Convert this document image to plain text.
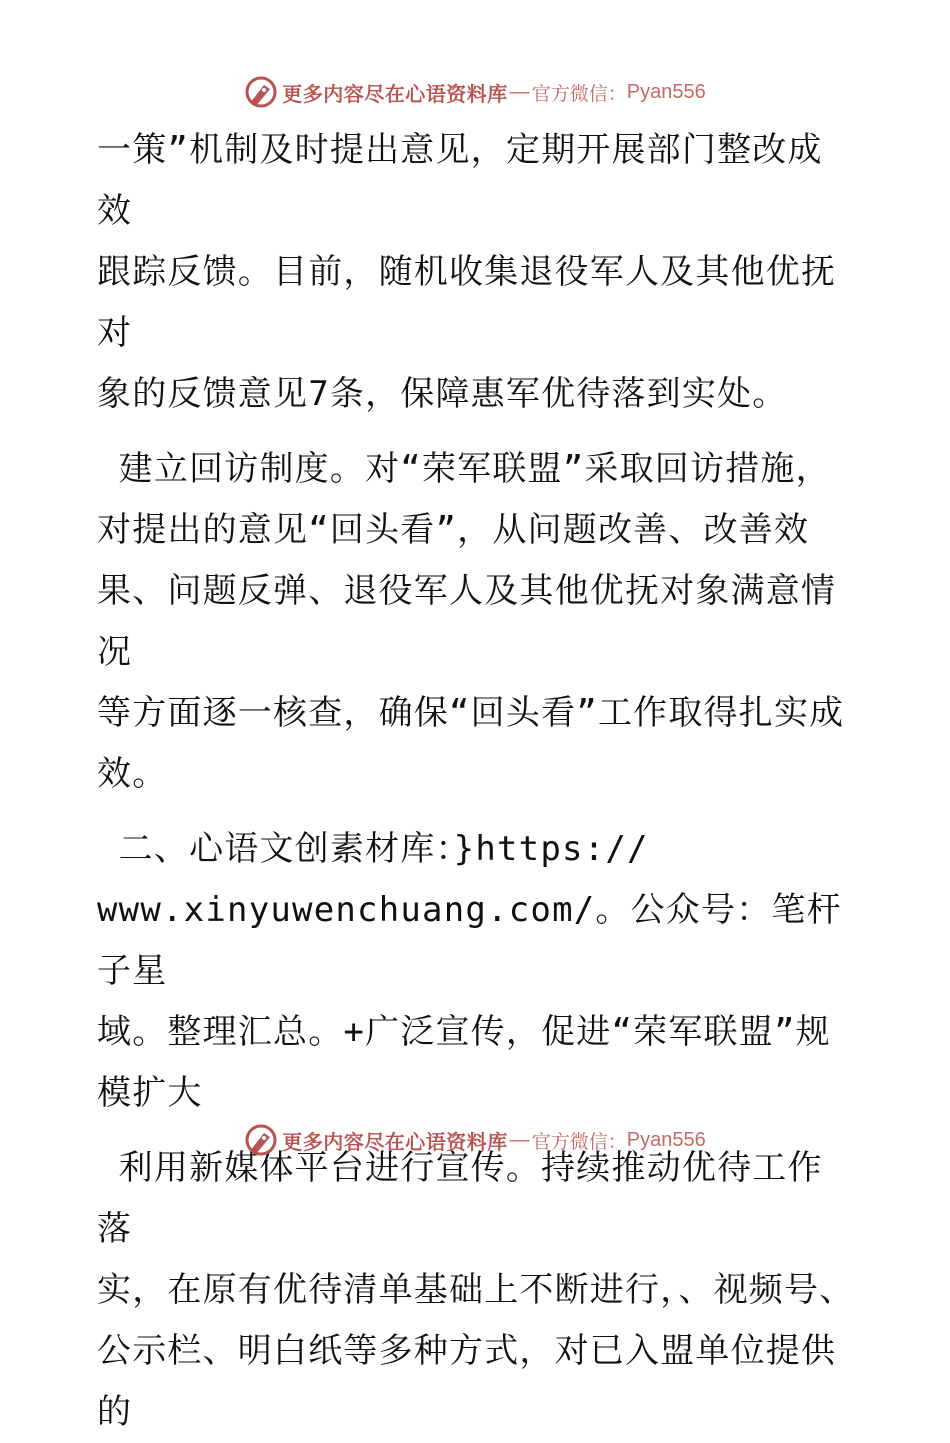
更多内容尽在心语资料库 — 官方微信： Pyan556

一策”机制及时提出意见，定期开展部门整改成效

跟踪反馈。目前，随机收集退役军人及其他优抚对

象的反馈意见7条，保障惠军优待落到实处。

建立回访制度。对“荣军联盟”采取回访措施，

对提出的意见“回头看”，从问题改善、改善效

果、问题反弹、退役军人及其他优抚对象满意情况

等方面逐一核查，确保“回头看”工作取得扎实成

效。

二、心语文创素材库：}https://

www.xinyuwenchuang.com/。公众号：笔杆子星

域。整理汇总。+广泛宣传，促进“荣军联盟”规

模扩大

利用新媒体平台进行宣传。持续推动优待工作落

实，在原有优待清单基础上不断进行，、视频号、

公示栏、明白纸等多种方式，对已入盟单位提供的

更多内容尽在心语资料库 — 官方微信： Pyan556
